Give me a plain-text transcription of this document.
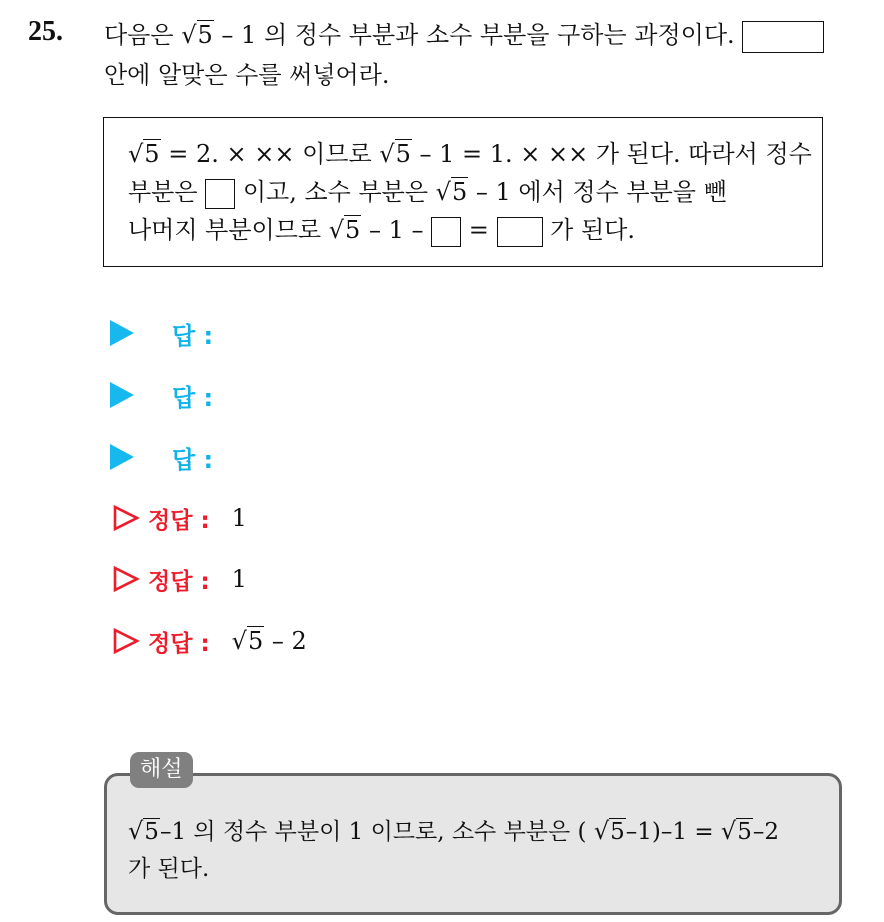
25. 다음은 √5 – 1 의 정수 부분과 소수 부분을 구하는 과정이다.
안에 알맞은 수를 써넣어라.
√5 = 2. × ×× 이므로 √5 – 1 = 1. × ×× 가 된다. 따라서 정수
부분은 이고, 소수 부분은 √5 – 1 에서 정수 부분을 뺀
나머지 부분이므로 √5 – 1 – =	가 된다.
답 :
답 :
답 :
정답 : 1
정답 : 1
정답 : √5 – 2
해설
√5–1 의 정수 부분이 1 이므로, 소수 부분은 ( √5–1)–1 = √5–2
가 된다.
